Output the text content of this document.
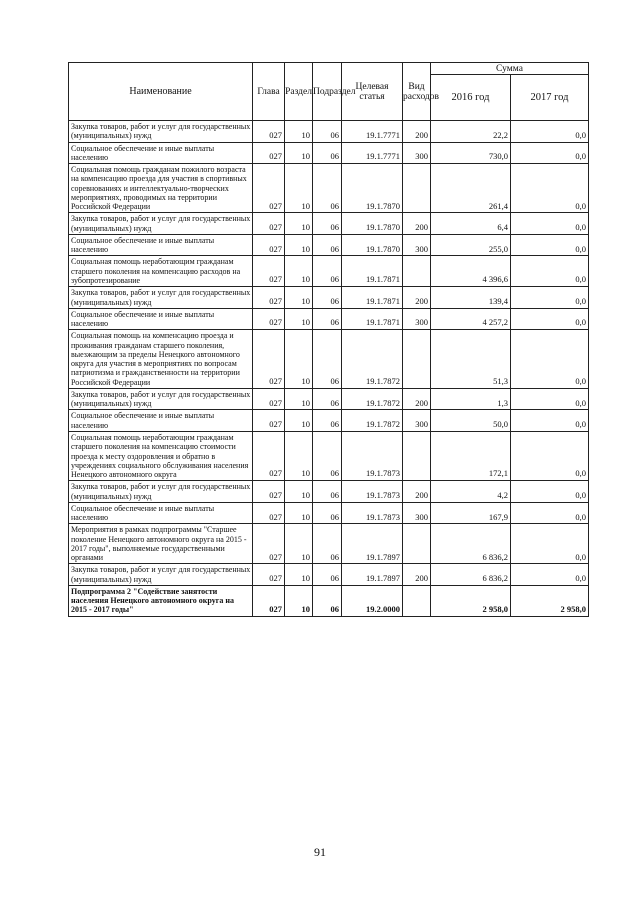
Наименование	Глава	Раздел	Подраздел	Целевая статья	Вид расходов	Сумма	
						2016 год	2017 год
Закупка товаров, работ и услуг для государственных (муниципальных) нужд	027	10	06	19.1.7771	200	22,2	0,0
Социальное обеспечение и иные выплаты населению	027	10	06	19.1.7771	300	730,0	0,0
Социальная помощь гражданам пожилого возраста на компенсацию проезда для участия в спортивных соревнованиях и интеллектуально-творческих мероприятиях, проводимых на территории Российской Федерации	027	10	06	19.1.7870		261,4	0,0
Закупка товаров, работ и услуг для государственных (муниципальных) нужд	027	10	06	19.1.7870	200	6,4	0,0
Социальное обеспечение и иные выплаты населению	027	10	06	19.1.7870	300	255,0	0,0
Социальная помощь неработающим гражданам старшего поколения на компенсацию расходов на зубопротезирование	027	10	06	19.1.7871		4 396,6	0,0
Закупка товаров, работ и услуг для государственных (муниципальных) нужд	027	10	06	19.1.7871	200	139,4	0,0
Социальное обеспечение и иные выплаты населению	027	10	06	19.1.7871	300	4 257,2	0,0
Социальная помощь на компенсацию проезда и проживания гражданам старшего поколения, выезжающим за пределы Ненецкого автономного округа для участия в мероприятиях по вопросам патриотизма и гражданственности на территории Российской Федерации	027	10	06	19.1.7872		51,3	0,0
Закупка товаров, работ и услуг для государственных (муниципальных) нужд	027	10	06	19.1.7872	200	1,3	0,0
Социальное обеспечение и иные выплаты населению	027	10	06	19.1.7872	300	50,0	0,0
Социальная помощь неработающим гражданам старшего поколения на компенсацию стоимости проезда к месту оздоровления и обратно в учреждениях социального обслуживания населения Ненецкого автономного округа	027	10	06	19.1.7873		172,1	0,0
Закупка товаров, работ и услуг для государственных (муниципальных) нужд	027	10	06	19.1.7873	200	4,2	0,0
Социальное обеспечение и иные выплаты населению	027	10	06	19.1.7873	300	167,9	0,0
Мероприятия в рамках подпрограммы "Старшее поколение Ненецкого автономного округа на 2015 - 2017 годы", выполняемые государственными органами	027	10	06	19.1.7897		6 836,2	0,0
Закупка товаров, работ и услуг для государственных (муниципальных) нужд	027	10	06	19.1.7897	200	6 836,2	0,0
Подпрограмма 2 "Содействие занятости населения Ненецкого автономного округа на 2015 - 2017 годы"	027	10	06	19.2.0000		2 958,0	2 958,0
91
